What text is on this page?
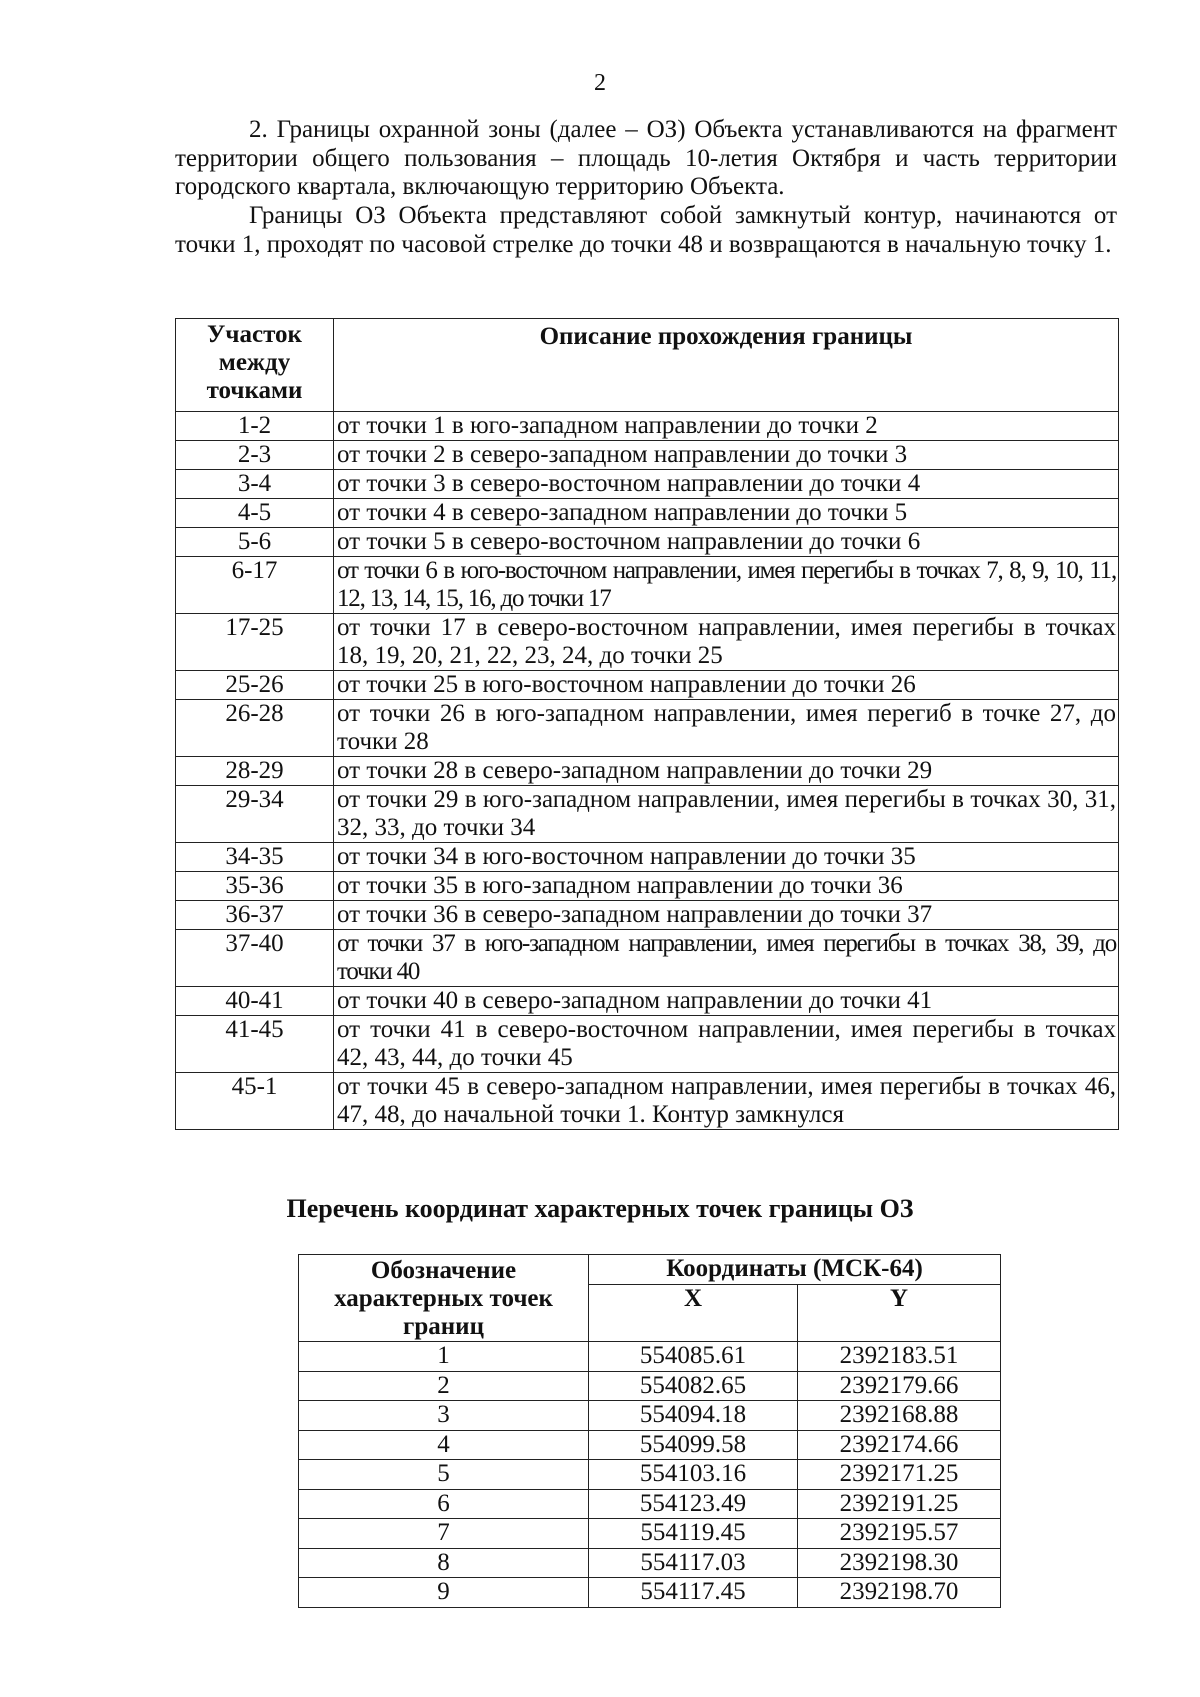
2

2. Границы охранной зоны (далее – ОЗ) Объекта устанавливаются на фрагмент территории общего пользования – площадь 10-летия Октября и часть территории городского квартала, включающую территорию Объекта.

Границы ОЗ Объекта представляют собой замкнутый контур, начинаются от точки 1, проходят по часовой стрелке до точки 48 и возвращаются в начальную точку 1.

Участок между точками	Описание прохождения границы
1-2	от точки 1 в юго-западном направлении до точки 2
2-3	от точки 2 в северо-западном направлении до точки 3
3-4	от точки 3 в северо-восточном направлении до точки 4
4-5	от точки 4 в северо-западном направлении до точки 5
5-6	от точки 5 в северо-восточном направлении до точки 6
6-17	от точки 6 в юго-восточном направлении, имея перегибы в точках 7, 8, 9, 10, 11, 12, 13, 14, 15, 16, до точки 17
17-25	от точки 17 в северо-восточном направлении, имея перегибы в точках 18, 19, 20, 21, 22, 23, 24, до точки 25
25-26	от точки 25 в юго-восточном направлении до точки 26
26-28	от точки 26 в юго-западном направлении, имея перегиб в точке 27, до точки 28
28-29	от точки 28 в северо-западном направлении до точки 29
29-34	от точки 29 в юго-западном направлении, имея перегибы в точках 30, 31, 32, 33, до точки 34
34-35	от точки 34 в юго-восточном направлении до точки 35
35-36	от точки 35 в юго-западном направлении до точки 36
36-37	от точки 36 в северо-западном направлении до точки 37
37-40	от точки 37 в юго-западном направлении, имея перегибы в точках 38, 39, до точки 40
40-41	от точки 40 в северо-западном направлении до точки 41
41-45	от точки 41 в северо-восточном направлении, имея перегибы в точках 42, 43, 44, до точки 45
45-1	от точки 45 в северо-западном направлении, имея перегибы в точках 46, 47, 48, до начальной точки 1. Контур замкнулся
Перечень координат характерных точек границы ОЗ
Обозначение характерных точек границ	Координаты (МСК-64)	
	X	Y
1	554085.61	2392183.51
2	554082.65	2392179.66
3	554094.18	2392168.88
4	554099.58	2392174.66
5	554103.16	2392171.25
6	554123.49	2392191.25
7	554119.45	2392195.57
8	554117.03	2392198.30
9	554117.45	2392198.70
